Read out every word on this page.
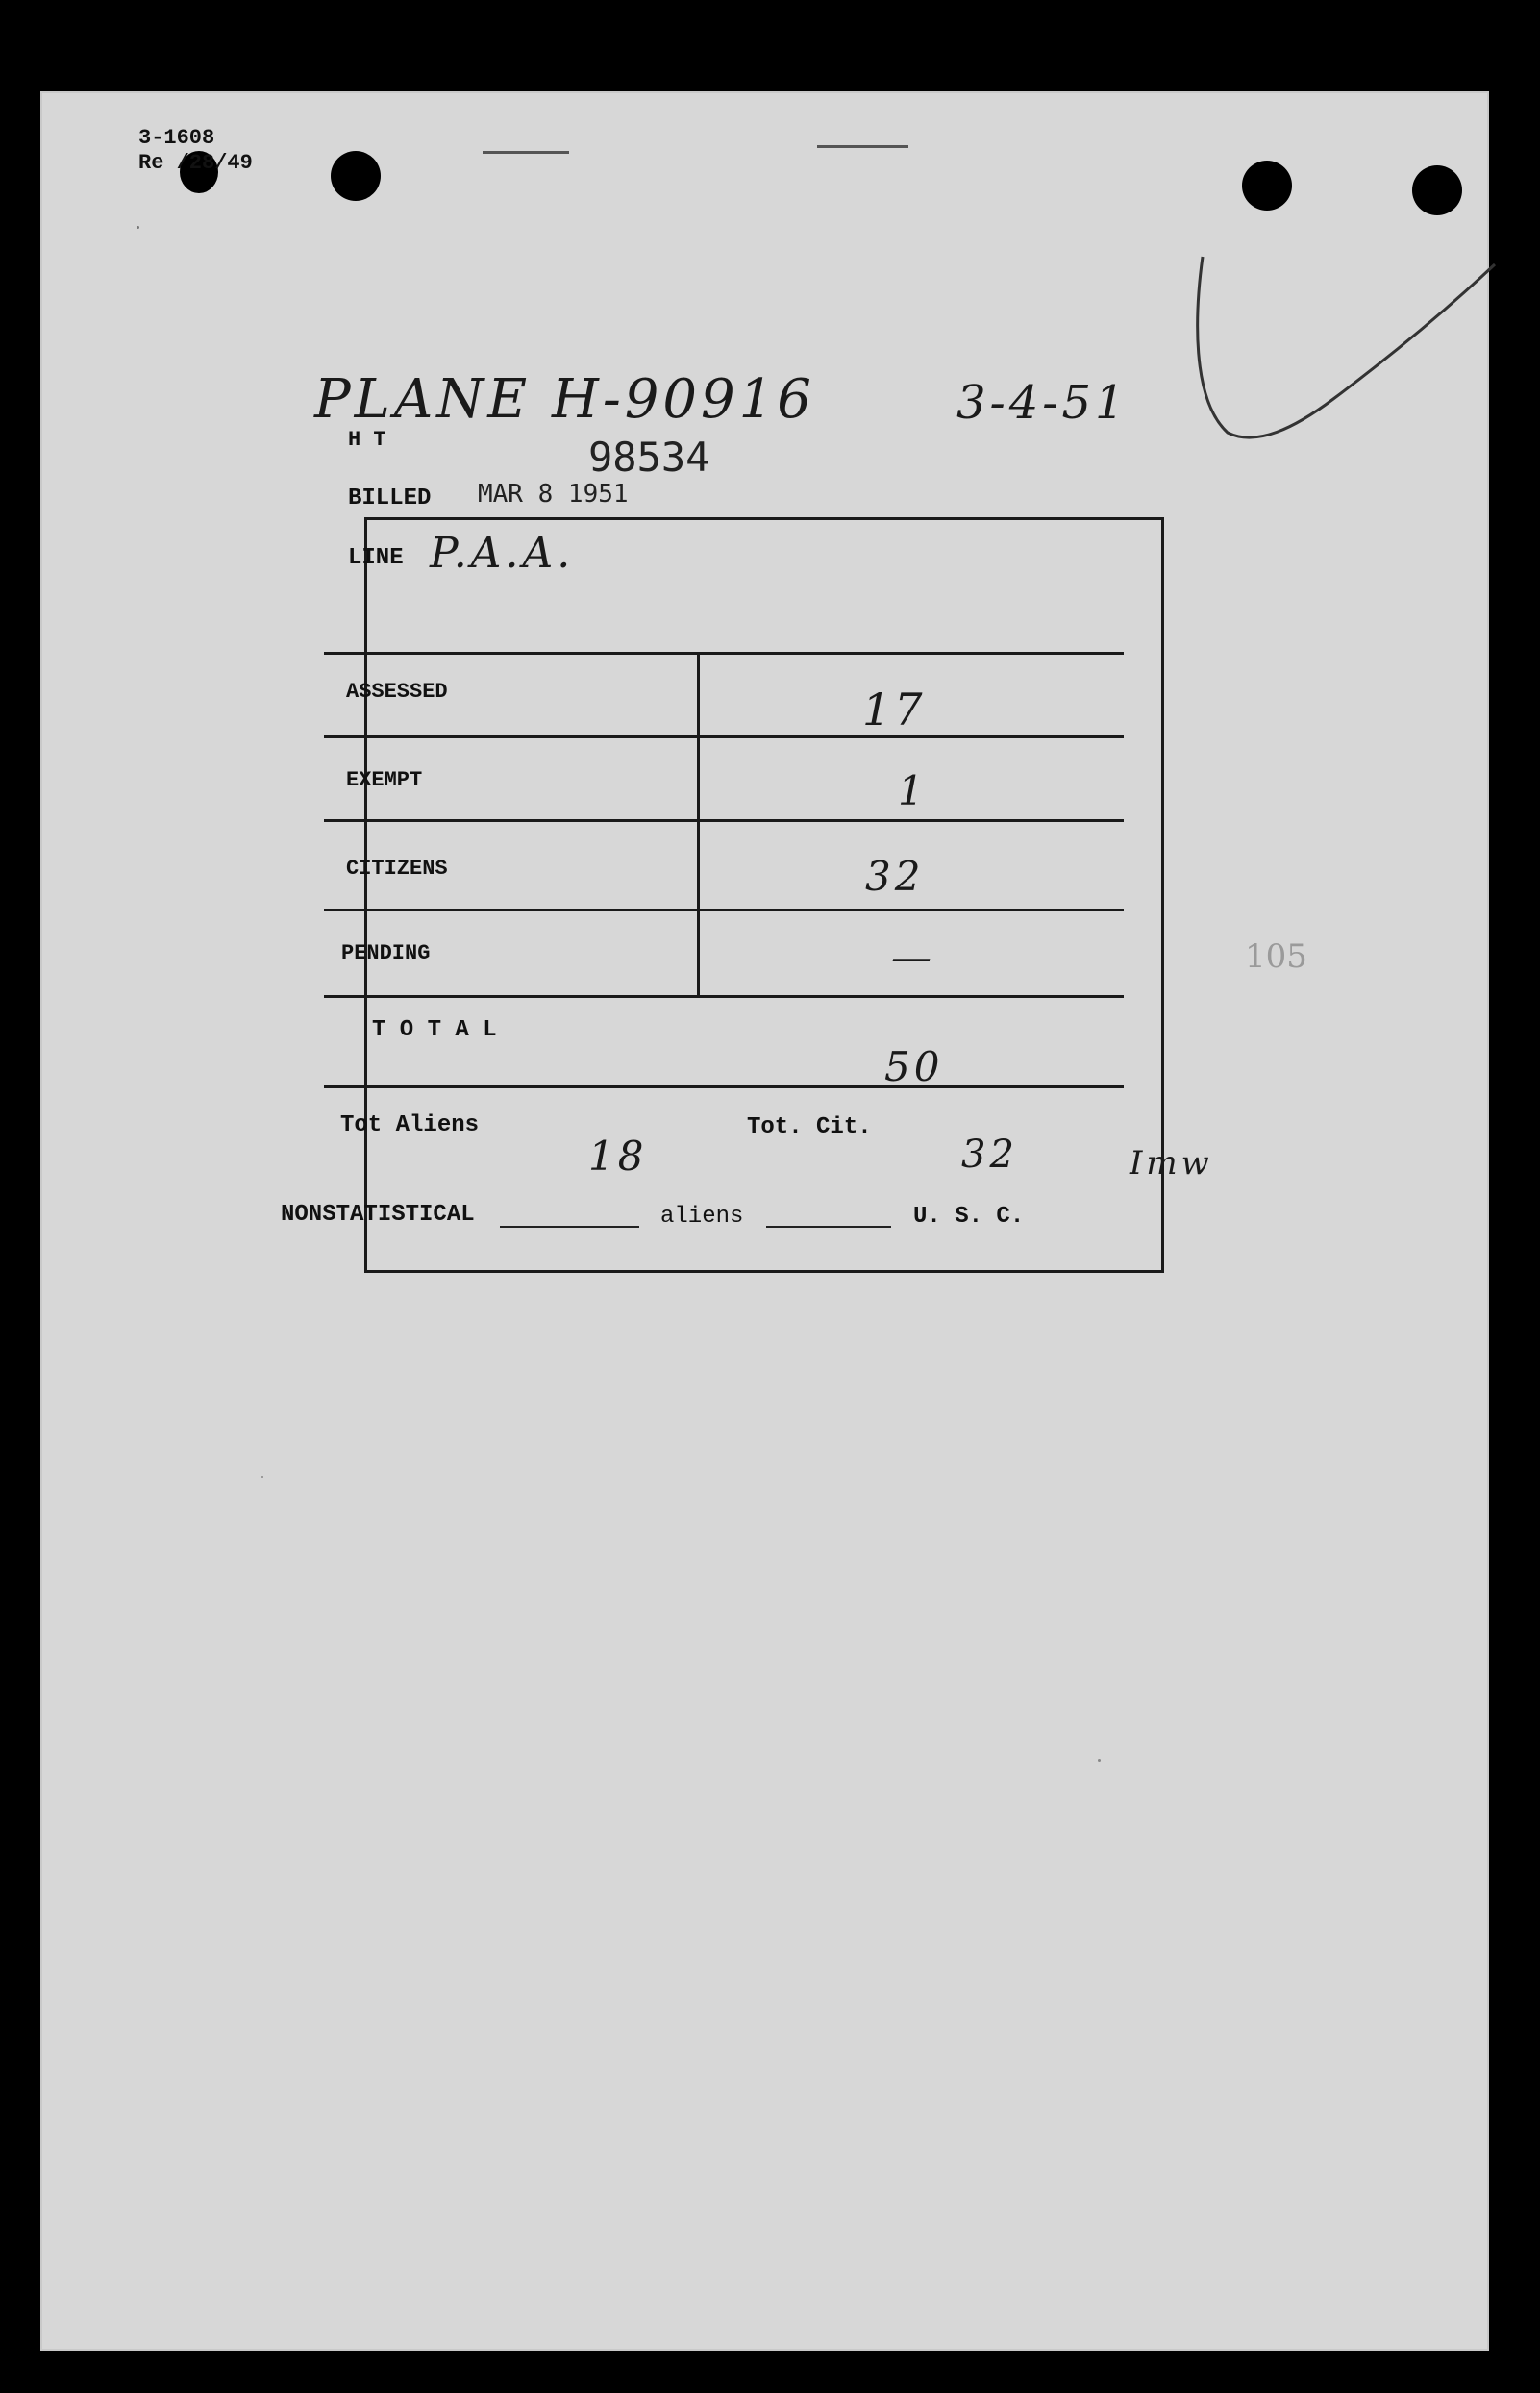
3-1608
Re /28/49
PLANE H-90916	3-4-51
H T	98534
BILLED MAR 8 1951
LINE P.A.A.
ASSESSED	17
EXEMPT	1
CITIZENS	32
PENDING	—
T O T A L
50
Tot Aliens
18
Tot. Cit.
32	Imw
NONSTATISTICAL	aliens	U. S. C.
105
